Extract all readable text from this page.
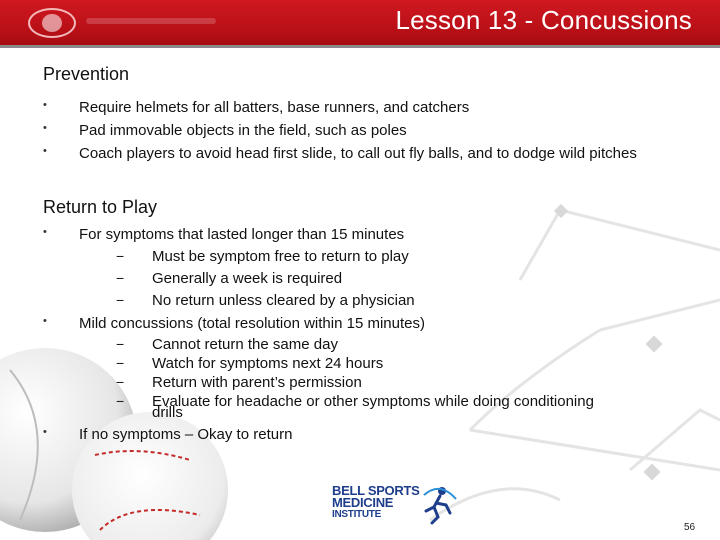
Lesson 13 - Concussions
Prevention
• Require helmets for all batters, base runners, and catchers
• Pad immovable objects in the field, such as poles
• Coach players to avoid head first slide, to call out fly balls, and to dodge wild pitches
Return to Play
• For symptoms that lasted longer than 15 minutes
− Must be symptom free to return to play
− Generally a week is required
− No return unless cleared by a physician
• Mild concussions (total resolution within 15 minutes)
− Cannot return the same day
− Watch for symptoms next 24 hours
− Return with parent’s permission
− Evaluate for headache or other symptoms while doing conditioning drills
• If no symptoms – Okay to return
BELL SPORTS
MEDICINE
INSTITUTE
56
